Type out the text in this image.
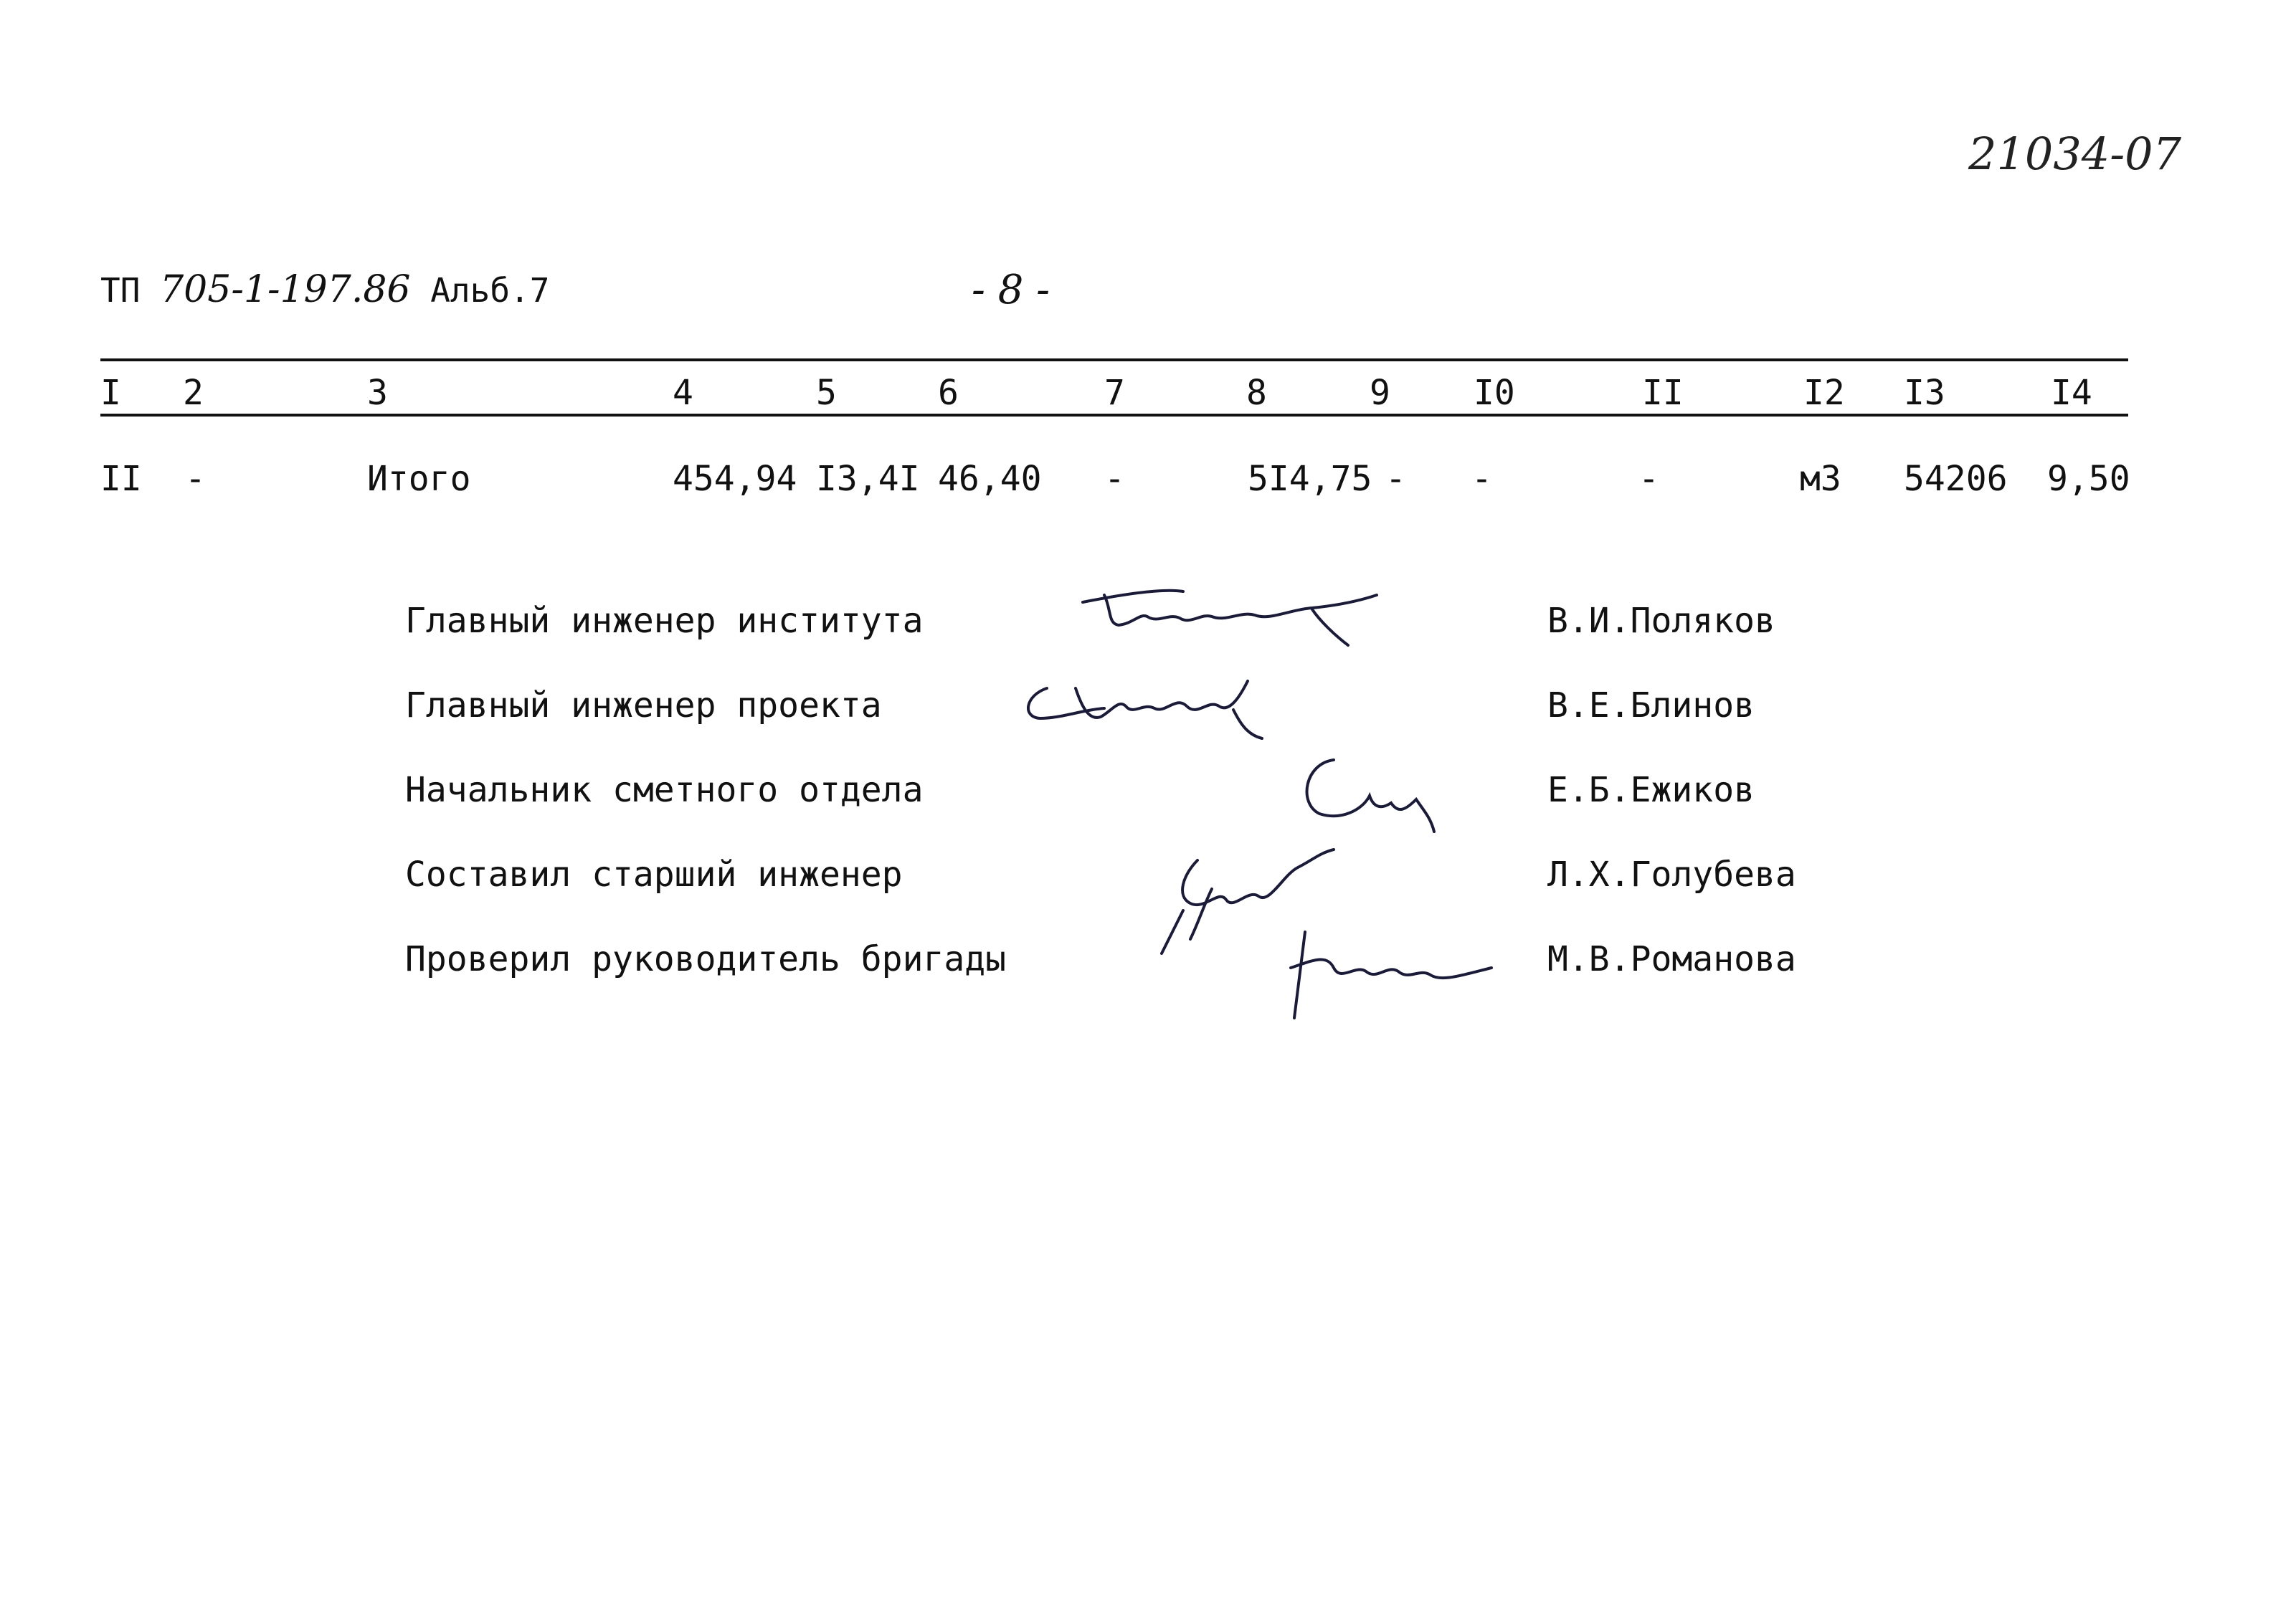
21034-07
ТП 705-1-197.86 Альб.7	- 8 -
I 2	3	4	5	6	7	8	9 I0	II	I2 I3	I4
II -	Итого	454,94 I3,4I 46,40 -	5I4,75 - -	-	м3 54206 9,50
Главный инженер института	В.И.Поляков
Главный инженер проекта	В.Е.Блинов
Начальник сметного отдела	Е.Б.Ежиков
Составил старший инженер	Л.Х.Голубева
Проверил руководитель бригады	М.В.Романова
